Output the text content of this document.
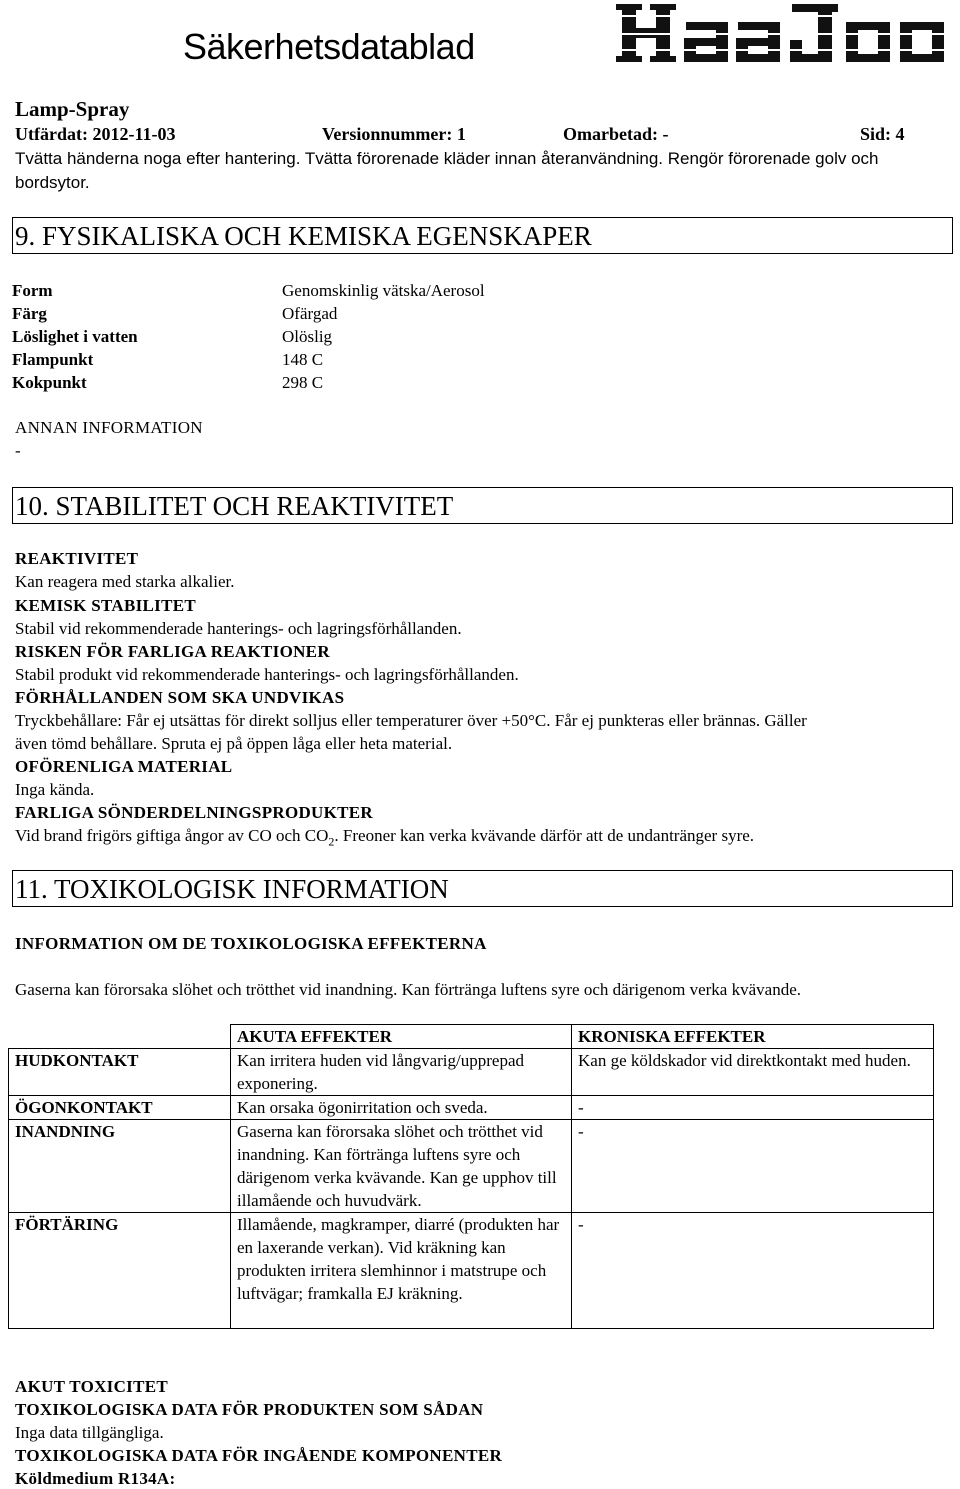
Säkerhetsdatablad
Lamp-Spray
Utfärdat: 2012-11-03	Versionnummer: 1	Omarbetad: -	Sid: 4
Tvätta händerna noga efter hantering. Tvätta förorenade kläder innan återanvändning. Rengör förorenade golv och
bordsytor.
9. FYSIKALISKA OCH KEMISKA EGENSKAPER
Form	Genomskinlig vätska/Aerosol
Färg	Ofärgad
Löslighet i vatten	Olöslig
Flampunkt	148 C
Kokpunkt	298 C
ANNAN INFORMATION
-
10. STABILITET OCH REAKTIVITET
REAKTIVITET
Kan reagera med starka alkalier.
KEMISK STABILITET
Stabil vid rekommenderade hanterings- och lagringsförhållanden.
RISKEN FÖR FARLIGA REAKTIONER
Stabil produkt vid rekommenderade hanterings- och lagringsförhållanden.
FÖRHÅLLANDEN SOM SKA UNDVIKAS
Tryckbehållare: Får ej utsättas för direkt solljus eller temperaturer över +50°C. Får ej punkteras eller brännas. Gäller
även tömd behållare. Spruta ej på öppen låga eller heta material.
OFÖRENLIGA MATERIAL
Inga kända.
FARLIGA SÖNDERDELNINGSPRODUKTER
Vid brand frigörs giftiga ångor av CO och $CO_2$. Freoner kan verka kvävande därför att de undantränger syre.
11. TOXIKOLOGISK INFORMATION
INFORMATION OM DE TOXIKOLOGISKA EFFEKTERNA
Gaserna kan förorsaka slöhet och trötthet vid inandning. Kan förtränga luftens syre och därigenom verka kvävande.
	AKUTA EFFEKTER	KRONISKA EFFEKTER
HUDKONTAKT	Kan irritera huden vid långvarig/upprepad exponering.	Kan ge köldskador vid direktkontakt med huden.
ÖGONKONTAKT	Kan orsaka ögonirritation och sveda.	-
INANDNING	Gaserna kan förorsaka slöhet och trötthet vid inandning. Kan förtränga luftens syre och därigenom verka kvävande. Kan ge upphov till illamående och huvudvärk.	-
FÖRTÄRING	Illamående, magkramper, diarré (produkten har en laxerande verkan). Vid kräkning kan produkten irritera slemhinnor i matstrupe och luftvägar; framkalla EJ kräkning.	-
AKUT TOXICITET
TOXIKOLOGISKA DATA FÖR PRODUKTEN SOM SÅDAN
Inga data tillgängliga.
TOXIKOLOGISKA DATA FÖR INGÅENDE KOMPONENTER
Köldmedium R134A:
